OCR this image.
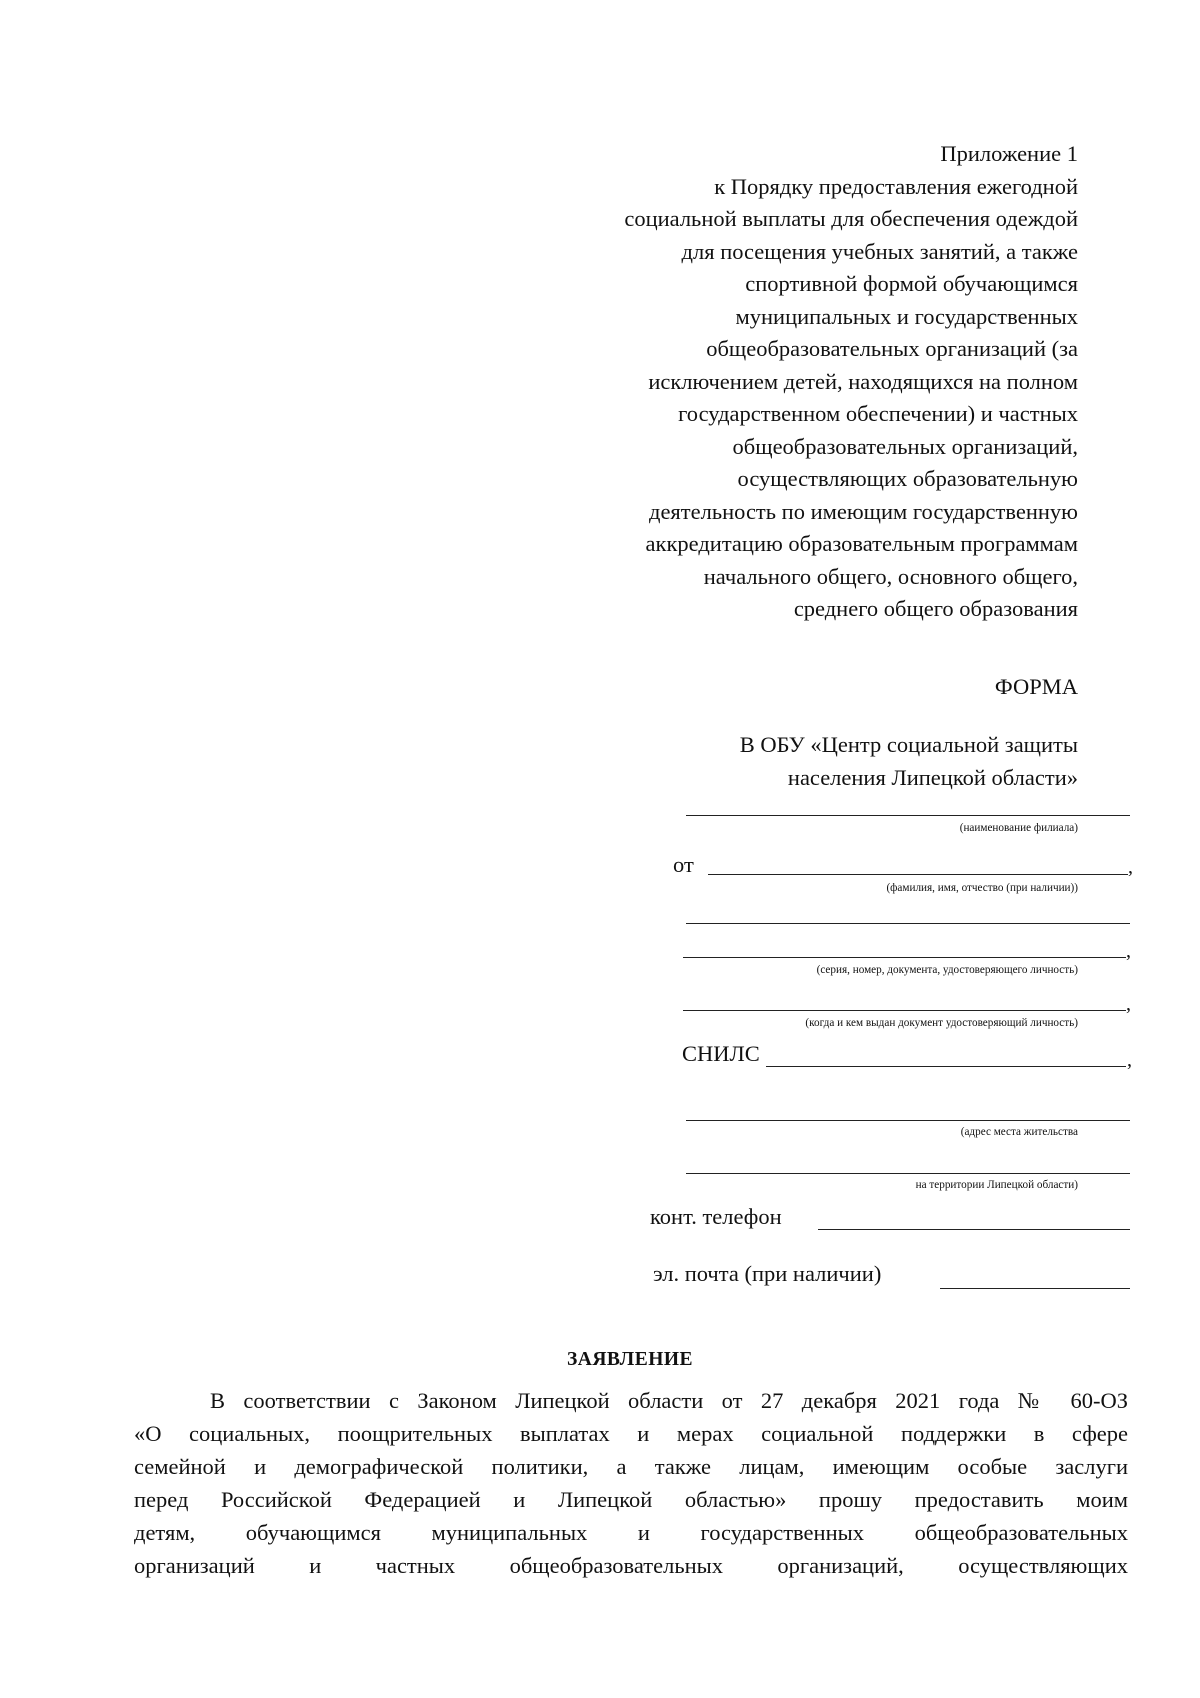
Приложение 1
к Порядку предоставления ежегодной
социальной выплаты для обеспечения одеждой
для посещения учебных занятий, а также
спортивной формой обучающимся
муниципальных и государственных
общеобразовательных организаций (за
исключением детей, находящихся на полном
государственном обеспечении) и частных
общеобразовательных организаций,
осуществляющих образовательную
деятельность по имеющим государственную
аккредитацию образовательным программам
начального общего, основного общего,
среднего общего образования
ФОРМА
В ОБУ «Центр социальной защиты
населения Липецкой области»
(наименование филиала)
от	,
(фамилия, имя, отчество (при наличии))
,
(серия, номер, документа, удостоверяющего личность)
,
(когда и кем выдан документ удостоверяющий личность)
СНИЛС	,
(адрес места жительства
на территории Липецкой области)
конт. телефон
эл. почта (при наличии)
ЗАЯВЛЕНИЕ
В соответствии с Законом Липецкой области от 27 декабря 2021 года № 60-ОЗ
«О социальных, поощрительных выплатах и мерах социальной поддержки в сфере
семейной и демографической политики, а также лицам, имеющим особые заслуги
перед Российской Федерацией и Липецкой областью» прошу предоставить моим
детям, обучающимся муниципальных и государственных общеобразовательных
организаций и частных общеобразовательных организаций, осуществляющих
